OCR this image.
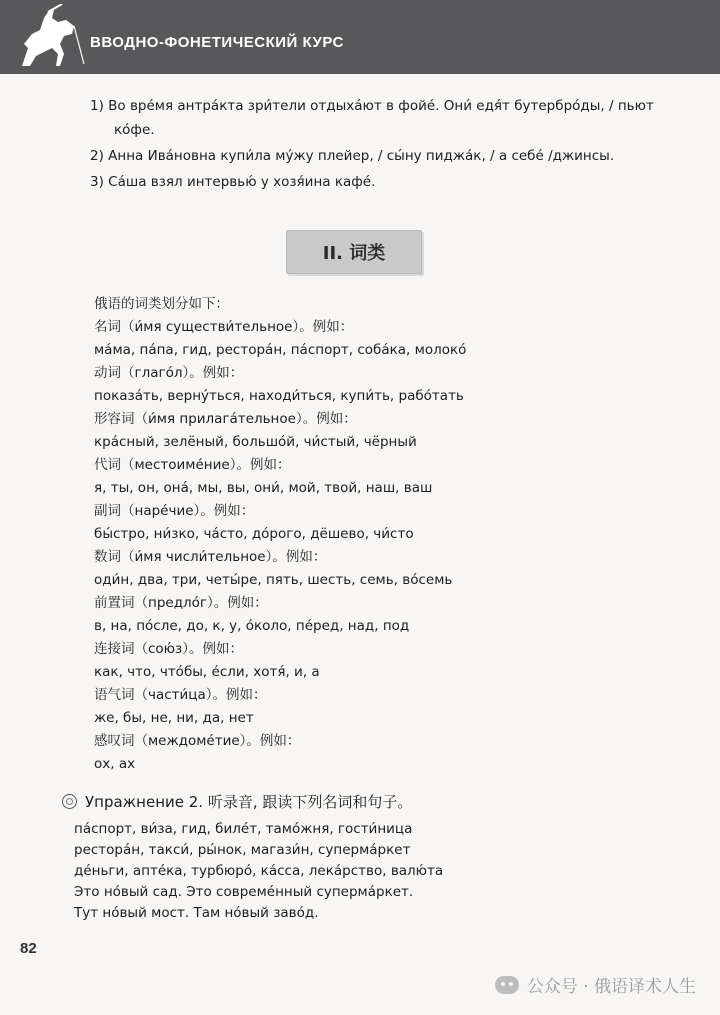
ВВОДНО-ФОНЕТИЧЕСКИЙ КУРС
1) Во вре́мя антра́кта зри́тели отдыха́ют в фойе́. Они́ едя́т бутербро́ды, / пьют
ко́фе.
2) Анна Ива́новна купи́ла му́жу плейер, / сы́ну пиджа́к, / а себе́ /джинсы.
3) Са́ша взял интервью́ у хозя́ина кафе́.
II. 词类
俄语的词类划分如下：
名词（и́мя существи́тельное）。例如：
ма́ма, па́па, гид, рестора́н, па́спорт, соба́ка, молоко́
动词（глаго́л）。例如：
показа́ть, верну́ться, находи́ться, купи́ть, рабо́тать
形容词（и́мя прилага́тельное）。例如：
кра́сный, зелёный, большо́й, чи́стый, чёрный
代词（местоиме́ние）。例如：
я, ты, он, она́, мы, вы, они́, мой, твой, наш, ваш
副词（наре́чие）。例如：
бы́стро, ни́зко, ча́сто, до́рого, дёшево, чи́сто
数词（и́мя числи́тельное）。例如：
оди́н, два, три, четы́ре, пять, шесть, семь, во́семь
前置词（предло́г）。例如：
в, на, по́сле, до, к, у, о́коло, пе́ред, над, под
连接词（сою́з）。例如：
как, что, что́бы, е́сли, хотя́, и, а
语气词（части́ца）。例如：
же, бы, не, ни, да, нет
感叹词（междоме́тие）。例如：
ох, ах
Упражнение 2. 听录音, 跟读下列名词和句子。
па́спорт, ви́за, гид, биле́т, тамо́жня, гости́ница
рестора́н, такси́, ры́нок, магази́н, суперма́ркет
де́ньги, апте́ка, турбюро́, ка́сса, лека́рство, валю́та
Это но́вый сад. Это совреме́нный суперма́ркет.
Тут но́вый мост. Там но́вый заво́д.
82
公众号 · 俄语译术人生
